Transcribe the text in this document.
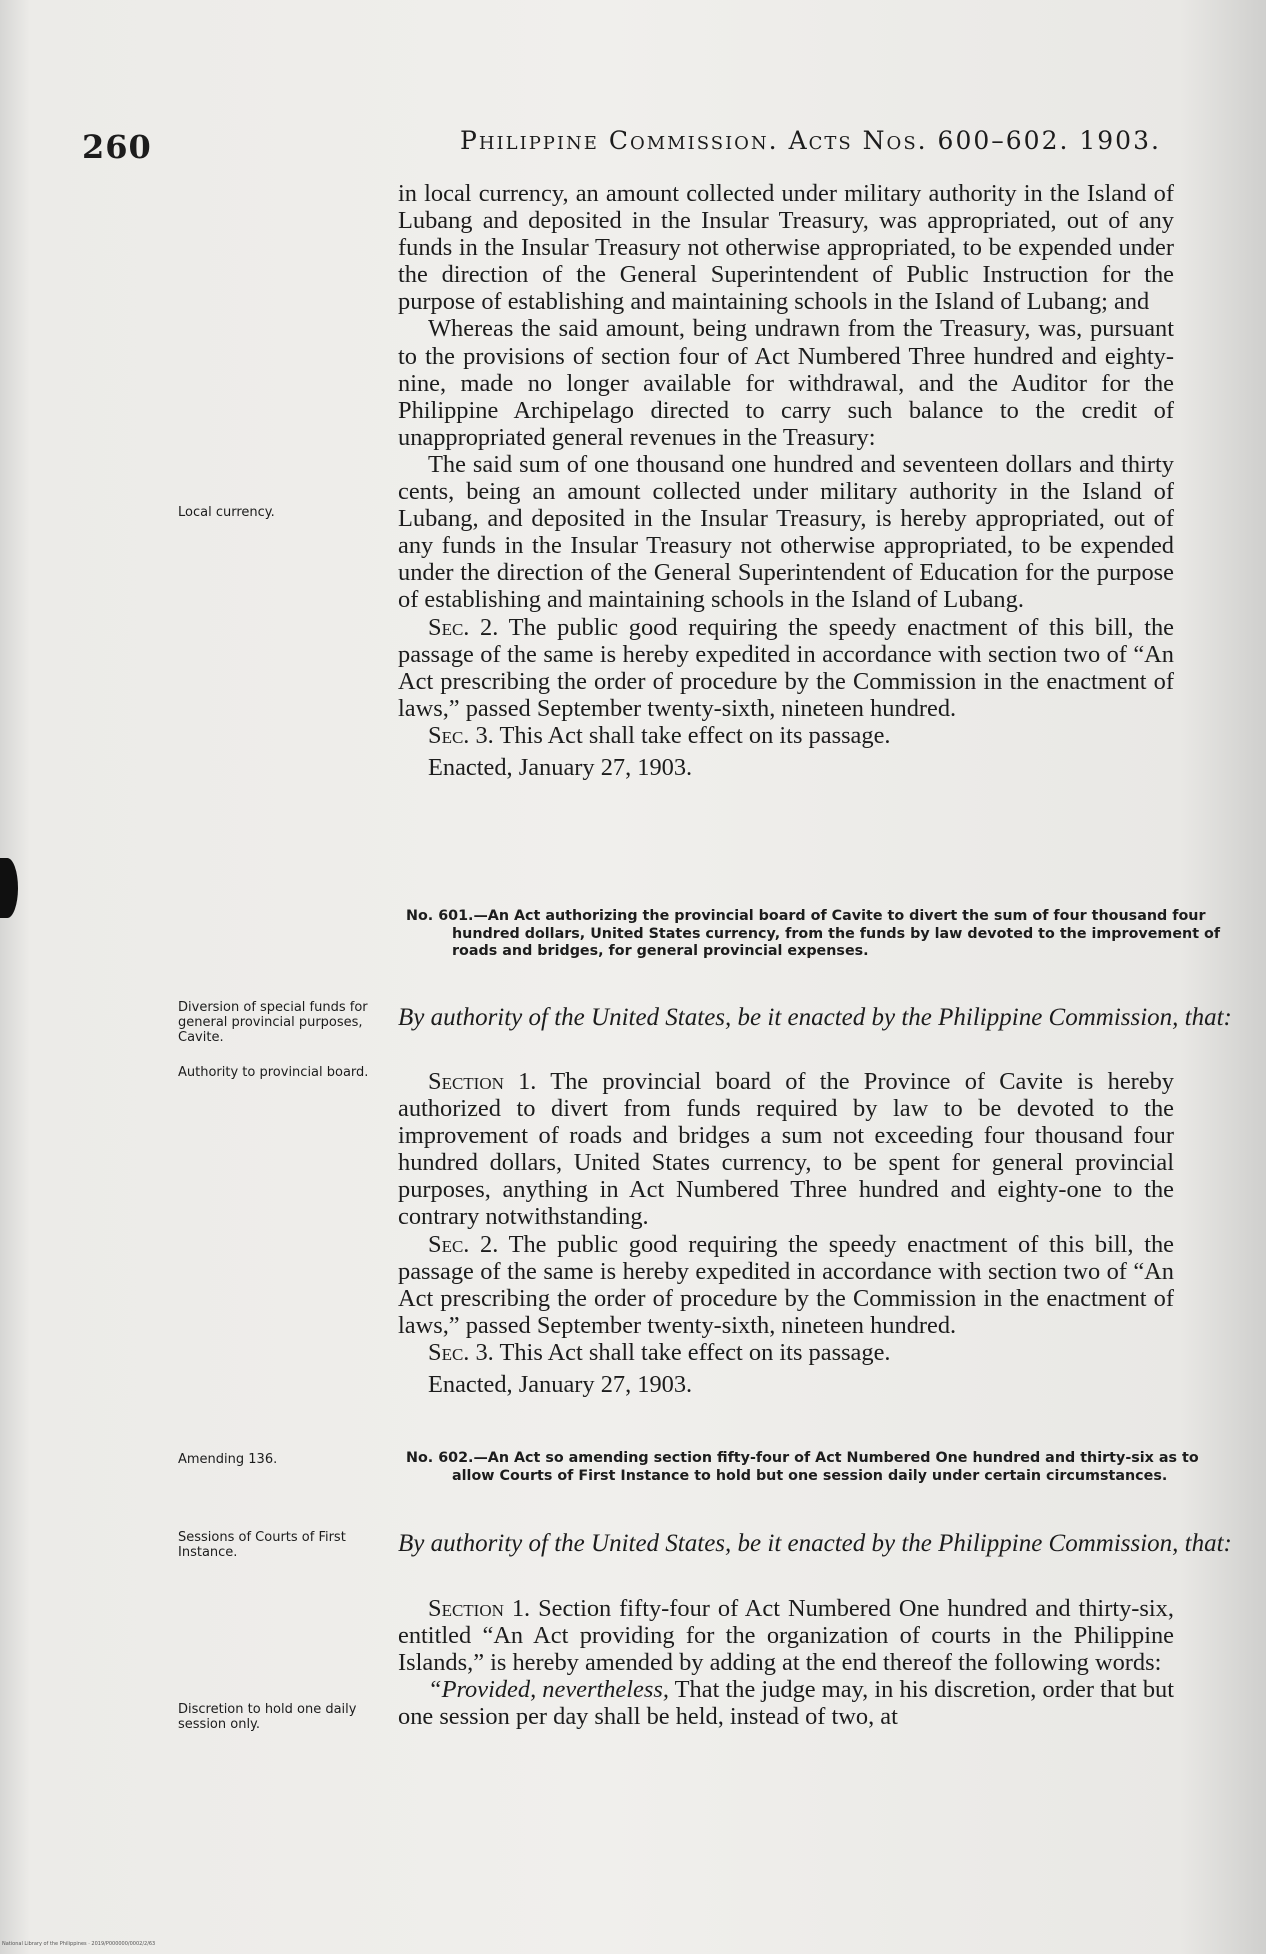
260	Philippine Commission. Acts Nos. 600–602. 1903.

in local currency, an amount collected under military authority in the Island of Lubang and deposited in the Insular Treasury, was appropriated, out of any funds in the Insular Treasury not otherwise appropriated, to be expended under the direction of the General Superintendent of Public Instruction for the purpose of establishing and maintaining schools in the Island of Lubang; and

Whereas the said amount, being undrawn from the Treasury, was, pursuant to the provisions of section four of Act Numbered Three hundred and eighty-nine, made no longer available for withdrawal, and the Auditor for the Philippine Archipelago directed to carry such balance to the credit of unappropriated general revenues in the Treasury:

The said sum of one thousand one hundred and seventeen dollars and thirty cents, being an amount collected under military authority in the Island of Lubang, and deposited in the Insular Treasury, is hereby appropriated, out of any funds in the Insular Treasury not otherwise appropriated, to be expended under the direction of the General Superintendent of Education for the purpose of establishing and maintaining schools in the Island of Lubang.

Sec. 2. The public good requiring the speedy enactment of this bill, the passage of the same is hereby expedited in accordance with section two of “An Act prescribing the order of procedure by the Commission in the enactment of laws,” passed September twenty-sixth, nineteen hundred.

Sec. 3. This Act shall take effect on its passage.

Enacted, January 27, 1903.

Local currency.
No. 601.—An Act authorizing the provincial board of Cavite to divert the sum of four thousand four hundred dollars, United States currency, from the funds by law devoted to the improvement of roads and bridges, for general provincial expenses.
Diversion of special funds for general provincial purposes, Cavite.
By authority of the United States, be it enacted by the Philippine Commission, that:
Authority to provincial board.	Section 1. The provincial board of the Province of Cavite is hereby authorized to divert from funds required by law to be devoted to the improvement of roads and bridges a sum not exceeding four thousand four hundred dollars, United States currency, to be spent for general provincial purposes, anything in Act Numbered Three hundred and eighty-one to the contrary notwithstanding.

Sec. 2. The public good requiring the speedy enactment of this bill, the passage of the same is hereby expedited in accordance with section two of “An Act prescribing the order of procedure by the Commission in the enactment of laws,” passed September twenty-sixth, nineteen hundred.

Sec. 3. This Act shall take effect on its passage.

Enacted, January 27, 1903.

Amending 136.	No. 602.—An Act so amending section fifty-four of Act Numbered One hundred and thirty-six as to allow Courts of First Instance to hold but one session daily under certain circumstances.
Sessions of Courts of First Instance.	By authority of the United States, be it enacted by the Philippine Commission, that:

Section 1. Section fifty-four of Act Numbered One hundred and thirty-six, entitled “An Act providing for the organization of courts in the Philippine Islands,” is hereby amended by adding at the end thereof the following words:

“Provided, nevertheless, That the judge may, in his discretion, order that but one session per day shall be held, instead of two, at

Discretion to hold one daily session only.
National Library of the Philippines · 2019/P000000/0002/2/63
